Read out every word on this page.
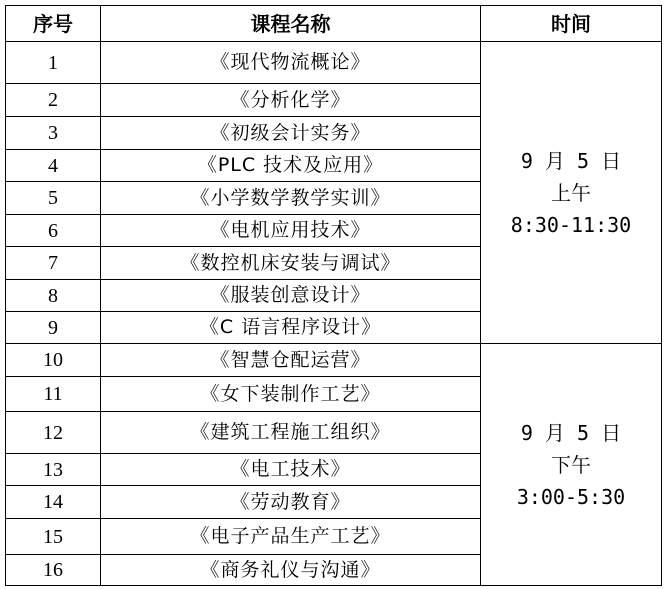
序号	课程名称	时间
1	《现代物流概论》	9 月 5 日
上午
8:30-11:30

2	《分析化学》	
3	《初级会计实务》	
4	《PLC 技术及应用》	
5	《小学数学教学实训》	
6	《电机应用技术》	
7	《数控机床安装与调试》	
8	《服装创意设计》	
9	《C 语言程序设计》	
10	《智慧仓配运营》	9 月 5 日
下午
3:00-5:30

11	《女下装制作工艺》	
12	《建筑工程施工组织》	
13	《电工技术》	
14	《劳动教育》	
15	《电子产品生产工艺》	
16	《商务礼仪与沟通》	
